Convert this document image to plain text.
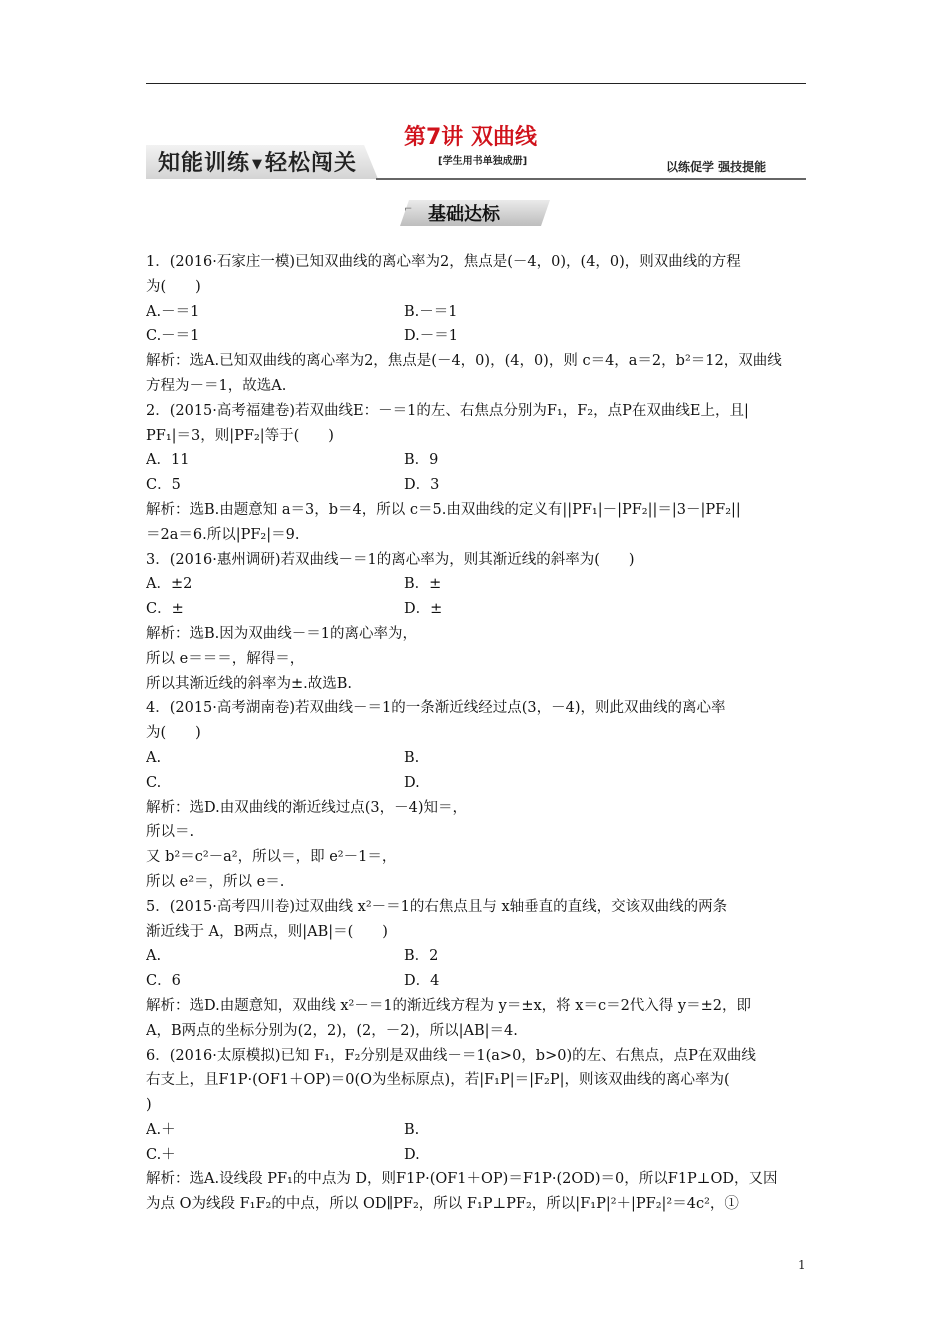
知能训练 ▼轻松闯关
第7讲 双曲线
[学生用书单独成册]	以练促学 强技提能
⌐ 基础达标
1．(2016·石家庄一模)已知双曲线的离心率为2，焦点是(－4，0)，(4，0)，则双曲线的方程
为(　　)
A.－＝1	B.－＝1
C.－＝1	D.－＝1
解析：选A.已知双曲线的离心率为2，焦点是(－4，0)，(4，0)，则 c＝4，a＝2，b²＝12，双曲线
方程为－＝1，故选A.
2．(2015·高考福建卷)若双曲线E：－＝1的左、右焦点分别为F₁，F₂，点P在双曲线E上，且|
PF₁|＝3，则|PF₂|等于(　　)
A．11	B．9
C．5	D．3
解析：选B.由题意知 a＝3，b＝4，所以 c＝5.由双曲线的定义有||PF₁|－|PF₂||＝|3－|PF₂||
＝2a＝6.所以|PF₂|＝9.
3．(2016·惠州调研)若双曲线－＝1的离心率为，则其渐近线的斜率为(　　)
A．±2	B．±
C．±	D．±
解析：选B.因为双曲线－＝1的离心率为，
所以 e＝＝＝，解得＝，
所以其渐近线的斜率为±.故选B.
4．(2015·高考湖南卷)若双曲线－＝1的一条渐近线经过点(3，－4)，则此双曲线的离心率
为(　　)
A.	B.
C.	D.
解析：选D.由双曲线的渐近线过点(3，－4)知＝，
所以＝.
又 b²＝c²－a²，所以＝，即 e²－1＝，
所以 e²＝，所以 e＝.
5．(2015·高考四川卷)过双曲线 x²－＝1的右焦点且与 x轴垂直的直线，交该双曲线的两条
渐近线于 A，B两点，则|AB|＝(　　)
A.	B．2
C．6	D．4
解析：选D.由题意知，双曲线 x²－＝1的渐近线方程为 y＝±x，将 x＝c＝2代入得 y＝±2，即
A，B两点的坐标分别为(2，2)，(2，－2)，所以|AB|＝4.
6．(2016·太原模拟)已知 F₁，F₂分别是双曲线－＝1(a>0，b>0)的左、右焦点，点P在双曲线
右支上，且F1P·(OF1＋OP)＝0(O为坐标原点)，若|F₁P|＝|F₂P|，则该双曲线的离心率为(
)
A.＋	B.
C.＋	D.
解析：选A.设线段 PF₁的中点为 D，则F1P·(OF1＋OP)＝F1P·(2OD)＝0，所以F1P⊥OD，又因
为点 O为线段 F₁F₂的中点，所以 OD∥PF₂，所以 F₁P⊥PF₂，所以|F₁P|²＋|PF₂|²＝4c²，①
1
